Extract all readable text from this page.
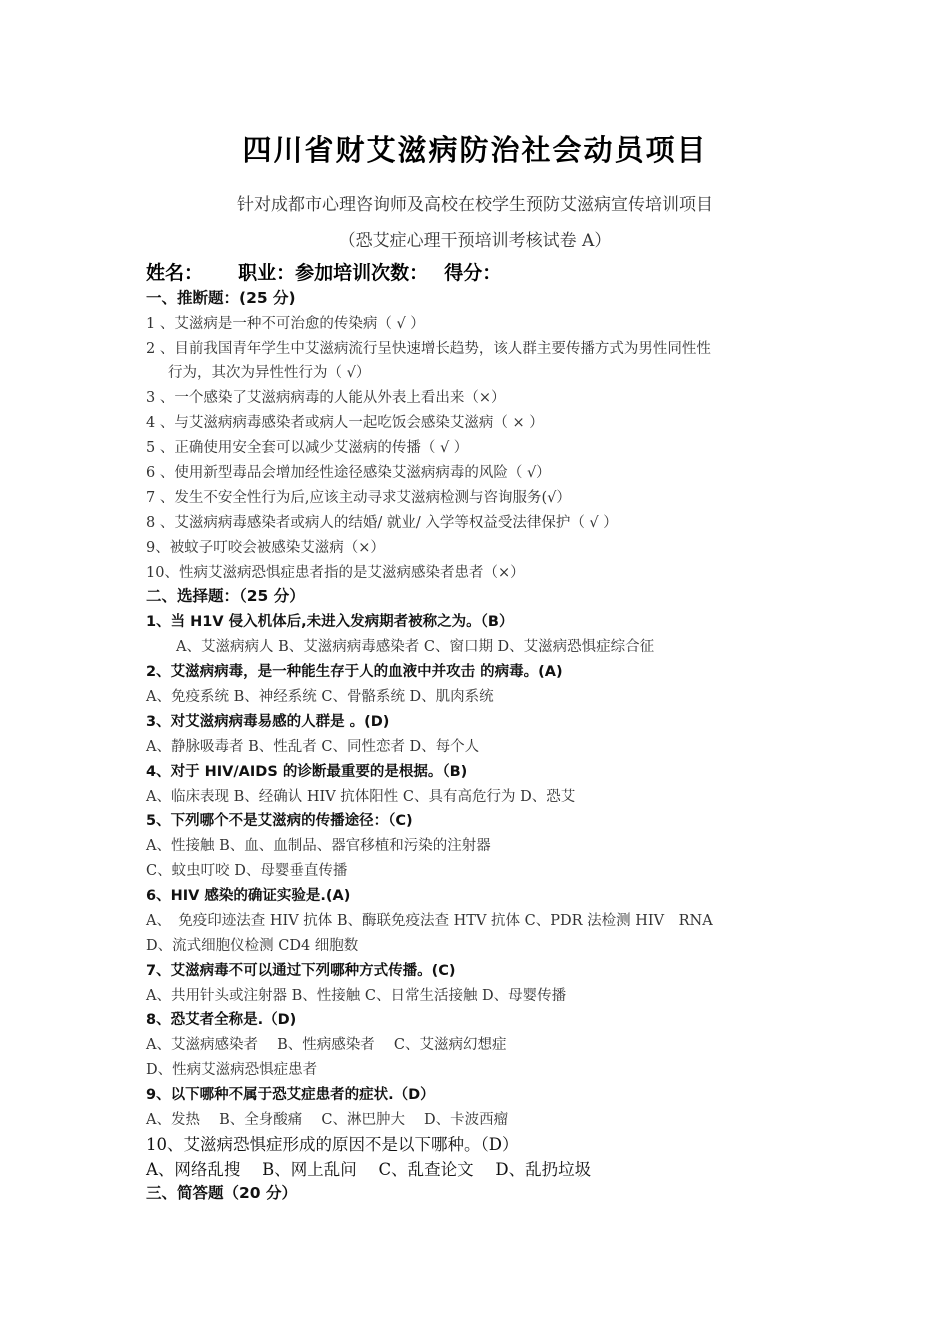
四川省财艾滋病防治社会动员项目
针对成都市心理咨询师及高校在校学生预防艾滋病宣传培训项目
（恐艾症心理干预培训考核试卷 A）
姓名：　　 职业：参加培训次数：　 得分：
一、推断题：(25 分)
1 、艾滋病是一种不可治愈的传染病（ √ ）
2 、目前我国青年学生中艾滋病流行呈快速增长趋势，该人群主要传播方式为男性同性性
行为，其次为异性性行为（ √）
3 、一个感染了艾滋病病毒的人能从外表上看出来（×）
4 、与艾滋病病毒感染者或病人一起吃饭会感染艾滋病（ × ）
5 、正确使用安全套可以减少艾滋病的传播（ √ ）
6 、使用新型毒品会增加经性途径感染艾滋病病毒的风险（ √）
7 、发生不安全性行为后,应该主动寻求艾滋病检测与咨询服务(√）
8 、艾滋病病毒感染者或病人的结婚/ 就业/ 入学等权益受法律保护（ √ ）
9、被蚊子叮咬会被感染艾滋病（×）
10、性病艾滋病恐惧症患者指的是艾滋病感染者患者（×）
二、选择题：（25 分）
1、当 H1V 侵入机体后,未进入发病期者被称之为。（B）
A、艾滋病病人 B、艾滋病病毒感染者 C、窗口期 D、艾滋病恐惧症综合征
2、艾滋病病毒，是一种能生存于人的血液中并攻击 的病毒。(A)
A、免疫系统 B、神经系统 C、骨骼系统 D、肌肉系统
3、对艾滋病病毒易感的人群是 。(D)
A、静脉吸毒者 B、性乱者 C、同性恋者 D、每个人
4、对于 HIV/AIDS 的诊断最重要的是根据。（B)
A、临床表现 B、经确认 HIV 抗体阳性 C、具有高危行为 D、恐艾
5、下列哪个不是艾滋病的传播途径：（C)
A、性接触 B、血、血制品、器官移植和污染的注射器
C、蚊虫叮咬 D、母婴垂直传播
6、HIV 感染的确证实验是.(A)
A、　免疫印迹法查 HIV 抗体 B、酶联免疫法查 HTV 抗体 C、PDR 法检测 HIV　RNA
D、流式细胞仪检测 CD4 细胞数
7、艾滋病毒不可以通过下列哪种方式传播。(C)
A、共用针头或注射器 B、性接触 C、日常生活接触 D、母婴传播
8、恐艾者全称是.（D)
A、艾滋病感染者　 B、性病感染者　 C、艾滋病幻想症
D、性病艾滋病恐惧症患者
9、以下哪种不属于恐艾症患者的症状.（D）
A、发热　 B、全身酸痛　 C、淋巴肿大　 D、卡波西瘤
10、艾滋病恐惧症形成的原因不是以下哪种。（D）
A、网络乱搜　 B、网上乱问　 C、乱查论文　 D、乱扔垃圾
三、简答题（20 分）
